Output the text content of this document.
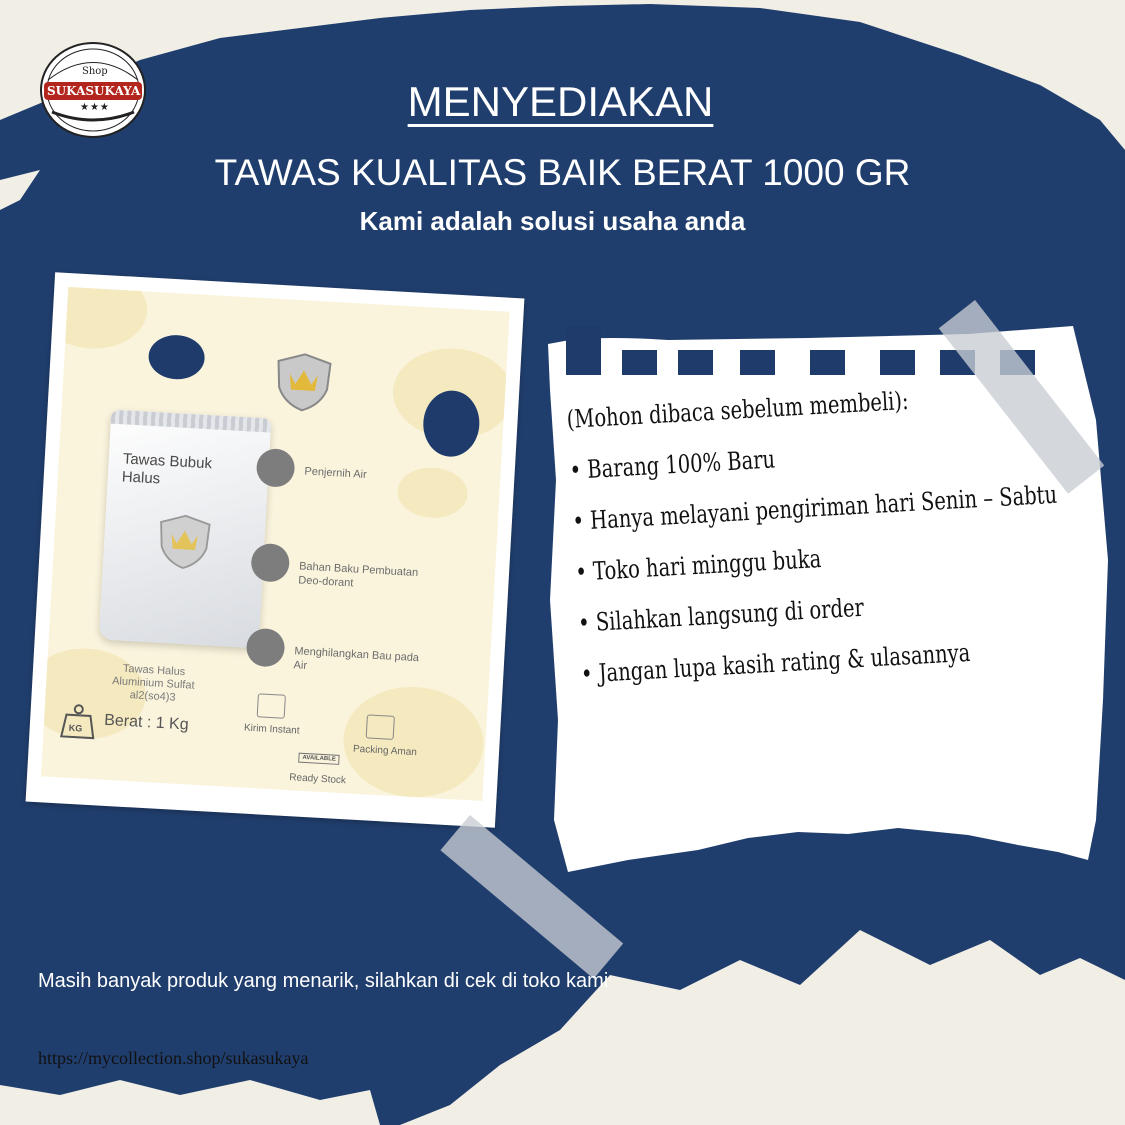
Shop
SUKASUKAYA
★★★	MENYEDIAKAN
TAWAS KUALITAS BAIK BERAT 1000 GR
Kami adalah solusi usaha anda
Tawas Bubuk Halus	Penjernih Air
Bahan Baku Pembuatan Deo-dorant
Menghilangkan Bau pada Air
Tawas Halus Aluminium Sulfat al2(so4)3
KG Berat : 1 Kg	Kirim Instant
Packing Aman
AVAILABLE
Ready Stock
(Mohon dibaca sebelum membeli):
• Barang 100% Baru
• Hanya melayani pengiriman hari Senin – Sabtu
• Toko hari minggu buka
• Silahkan langsung di order
• Jangan lupa kasih rating & ulasannya
Masih banyak produk yang menarik, silahkan di cek di toko kami
https://mycollection.shop/sukasukaya
